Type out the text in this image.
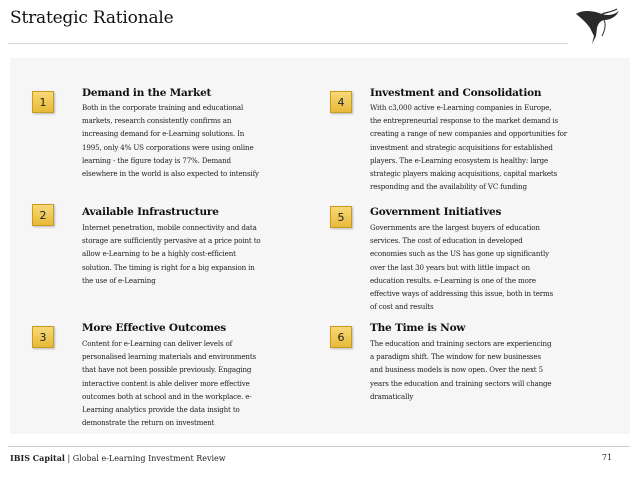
Strategic Rationale
1
Demand in the Market
Both in the corporate training and educational
markets, research consistently confirms an
increasing demand for e-Learning solutions. In
1995, only 4% US corporations were using online
learning - the figure today is 77%. Demand
elsewhere in the world is also expected to intensify
2	Available Infrastructure
Internet penetration, mobile connectivity and data
storage are sufficiently pervasive at a price point to
allow e-Learning to be a highly cost-efficient
solution. The timing is right for a big expansion in
the use of e-Learning
3
More Effective Outcomes
Content for e-Learning can deliver levels of
personalised learning materials and environments
that have not been possible previously. Engaging
interactive content is able deliver more effective
outcomes both at school and in the workplace. e-
Learning analytics provide the data insight to
demonstrate the return on investment
4
Investment and Consolidation
With c3,000 active e-Learning companies in Europe,
the entrepreneurial response to the market demand is
creating a range of new companies and opportunities for
investment and strategic acquisitions for established
players. The e-Learning ecosystem is healthy: large
strategic players making acquisitions, capital markets
responding and the availability of VC funding
5	Government Initiatives
Governments are the largest buyers of education
services. The cost of education in developed
economies such as the US has gone up significantly
over the last 30 years but with little impact on
education results. e-Learning is one of the more
effective ways of addressing this issue, both in terms
of cost and results
6
The Time is Now
The education and training sectors are experiencing
a paradigm shift. The window for new businesses
and business models is now open. Over the next 5
years the education and training sectors will change
dramatically
IBIS Capital | Global e-Learning Investment Review	71
